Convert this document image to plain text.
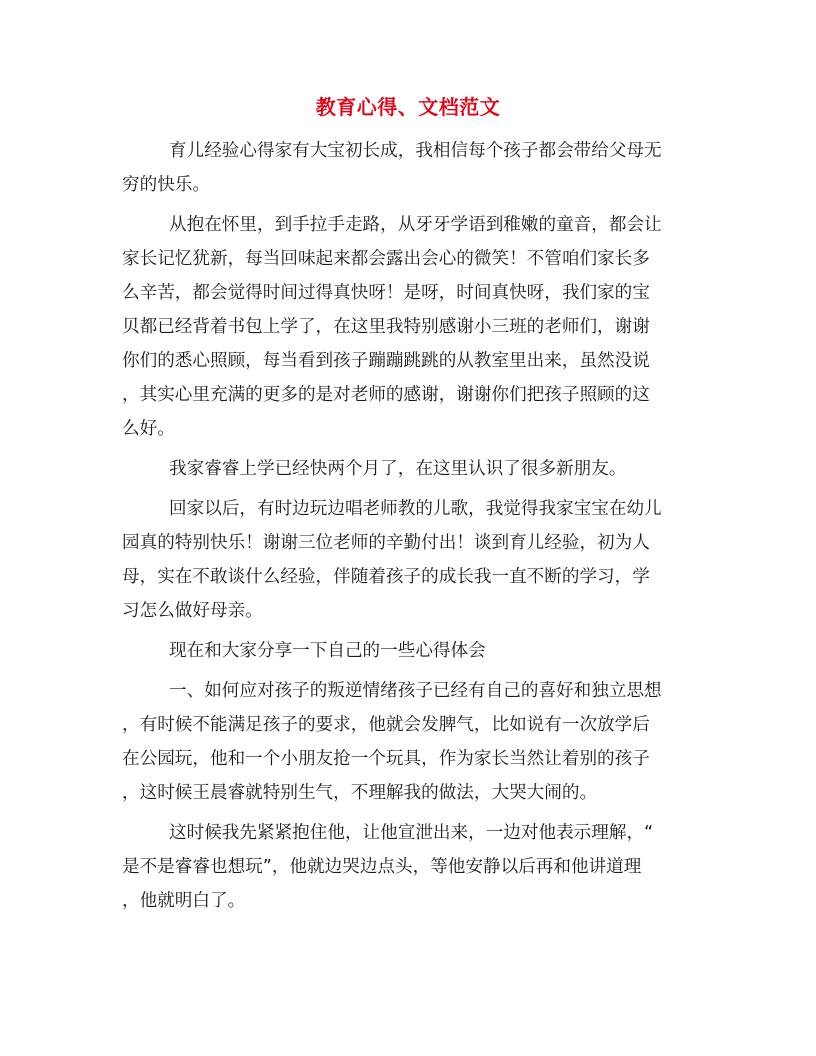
教育心得、文档范文
育儿经验心得家有大宝初长成，我相信每个孩子都会带给父母无
穷的快乐。
从抱在怀里，到手拉手走路，从牙牙学语到稚嫩的童音，都会让
家长记忆犹新，每当回味起来都会露出会心的微笑！不管咱们家长多
么辛苦，都会觉得时间过得真快呀！是呀，时间真快呀，我们家的宝
贝都已经背着书包上学了，在这里我特别感谢小三班的老师们，谢谢
你们的悉心照顾，每当看到孩子蹦蹦跳跳的从教室里出来，虽然没说
，其实心里充满的更多的是对老师的感谢，谢谢你们把孩子照顾的这
么好。
我家睿睿上学已经快两个月了，在这里认识了很多新朋友。
回家以后，有时边玩边唱老师教的儿歌，我觉得我家宝宝在幼儿
园真的特别快乐！谢谢三位老师的辛勤付出！谈到育儿经验，初为人
母，实在不敢谈什么经验，伴随着孩子的成长我一直不断的学习，学
习怎么做好母亲。
现在和大家分享一下自己的一些心得体会
一、如何应对孩子的叛逆情绪孩子已经有自己的喜好和独立思想
，有时候不能满足孩子的要求，他就会发脾气，比如说有一次放学后
在公园玩，他和一个小朋友抢一个玩具，作为家长当然让着别的孩子
，这时候王晨睿就特别生气，不理解我的做法，大哭大闹的。
这时候我先紧紧抱住他，让他宣泄出来，一边对他表示理解，“
是不是睿睿也想玩”，他就边哭边点头，等他安静以后再和他讲道理
，他就明白了。
